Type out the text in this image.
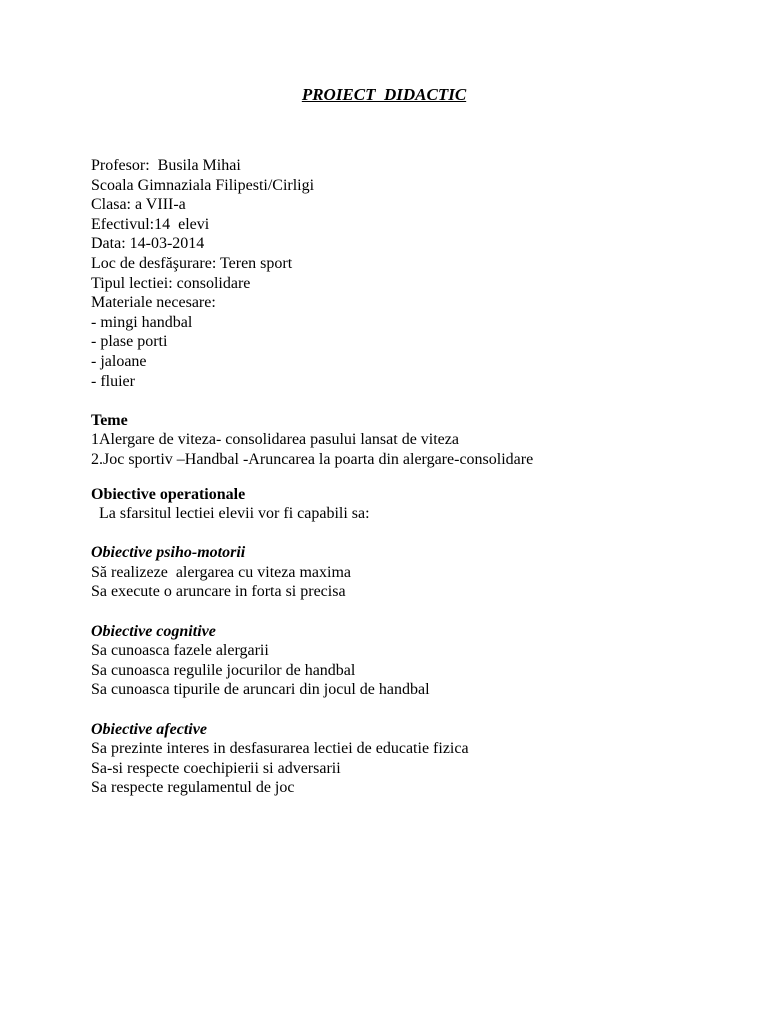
PROIECT  DIDACTIC
Profesor:  Busila Mihai
Scoala Gimnaziala Filipesti/Cirligi
Clasa: a VIII-a
Efectivul:14  elevi
Data: 14-03-2014
Loc de desfăşurare: Teren sport
Tipul lectiei: consolidare
Materiale necesare:
- mingi handbal
- plase porti
- jaloane
- fluier
Teme
1Alergare de viteza- consolidarea pasului lansat de viteza
2.Joc sportiv –Handbal -Aruncarea la poarta din alergare-consolidare
Obiective operationale
La sfarsitul lectiei elevii vor fi capabili sa:
Obiective psiho-motorii
Să realizeze  alergarea cu viteza maxima
Sa execute o aruncare in forta si precisa
Obiective cognitive
Sa cunoasca fazele alergarii
Sa cunoasca regulile jocurilor de handbal
Sa cunoasca tipurile de aruncari din jocul de handbal
Obiective afective
Sa prezinte interes in desfasurarea lectiei de educatie fizica
Sa-si respecte coechipierii si adversarii
Sa respecte regulamentul de joc
